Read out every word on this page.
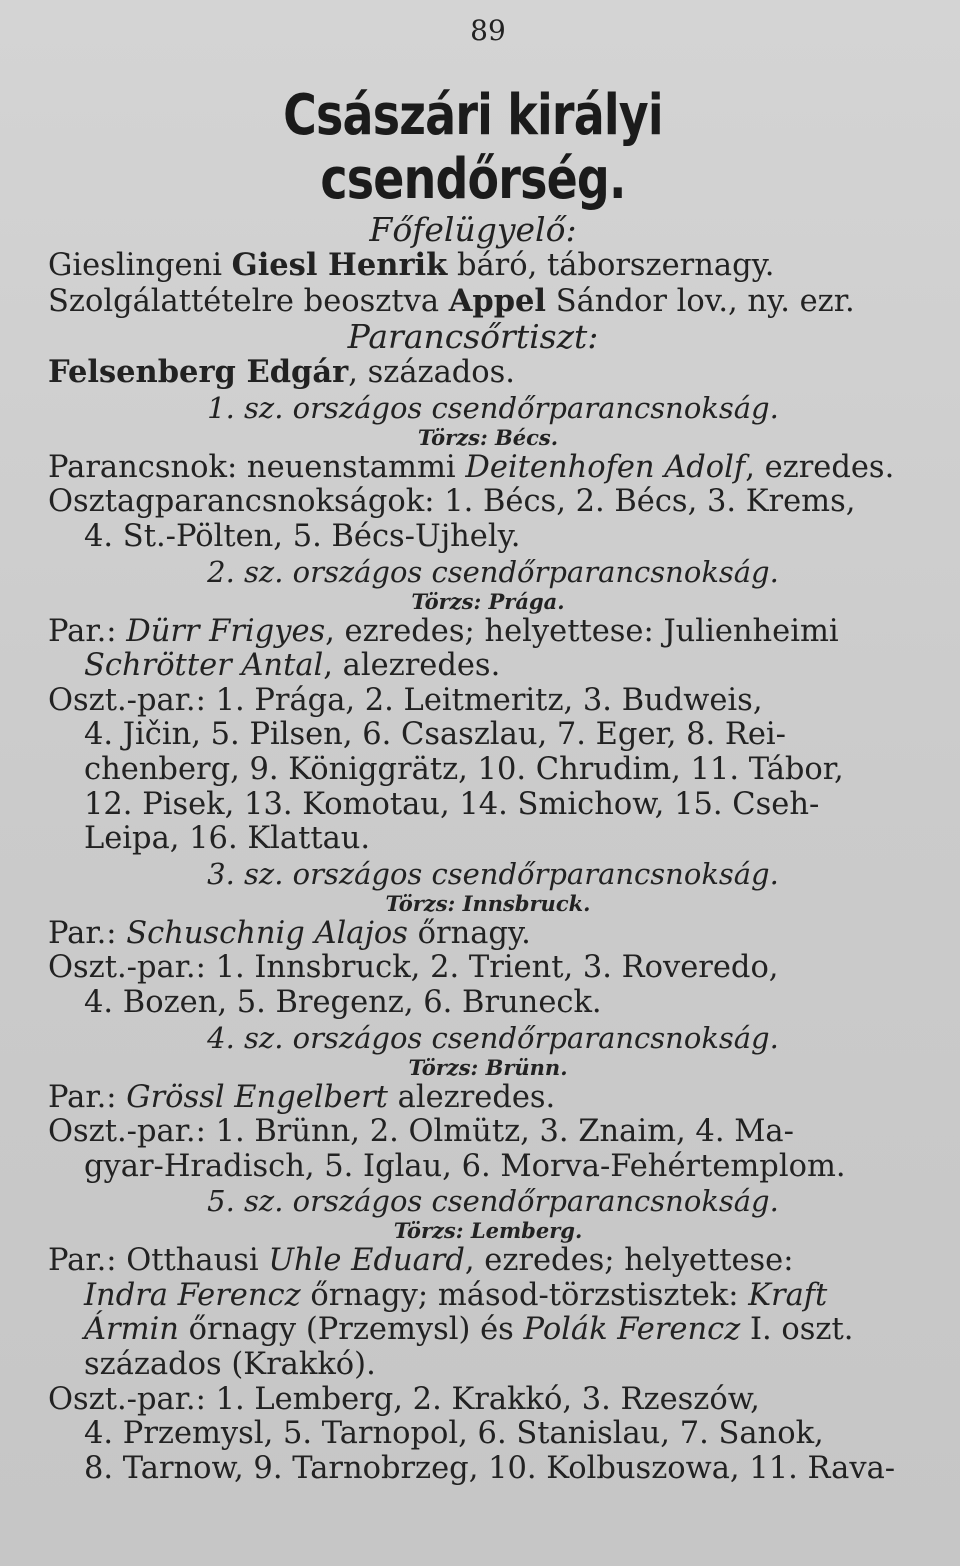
89
Császári királyi csendőrség.
Főfelügyelő:
Gieslingeni Giesl Henrik báró, táborszernagy.
Szolgálattételre beosztva Appel Sándor lov., ny. ezr.
Parancsőrtiszt:
Felsenberg Edgár, százados.
1. sz. országos csendőrparancsnokság.
Törzs: Bécs.
Parancsnok: neuenstammi Deitenhofen Adolf, ezredes.
Osztagparancsnokságok: 1. Bécs, 2. Bécs, 3. Krems,
4. St.-Pölten, 5. Bécs-Ujhely.
2. sz. országos csendőrparancsnokság.
Törzs: Prága.
Par.: Dürr Frigyes, ezredes; helyettese: Julienheimi
Schrötter Antal, alezredes.
Oszt.-par.: 1. Prága, 2. Leitmeritz, 3. Budweis,
4. Jičin, 5. Pilsen, 6. Csaszlau, 7. Eger, 8. Rei-
chenberg, 9. Königgrätz, 10. Chrudim, 11. Tábor,
12. Pisek, 13. Komotau, 14. Smichow, 15. Cseh-
Leipa, 16. Klattau.
3. sz. országos csendőrparancsnokság.
Törzs: Innsbruck.
Par.: Schuschnig Alajos őrnagy.
Oszt.-par.: 1. Innsbruck, 2. Trient, 3. Roveredo,
4. Bozen, 5. Bregenz, 6. Bruneck.
4. sz. országos csendőrparancsnokság.
Törzs: Brünn.
Par.: Grössl Engelbert alezredes.
Oszt.-par.: 1. Brünn, 2. Olmütz, 3. Znaim, 4. Ma-
gyar-Hradisch, 5. Iglau, 6. Morva-Fehértemplom.
5. sz. országos csendőrparancsnokság.
Törzs: Lemberg.
Par.: Otthausi Uhle Eduard, ezredes; helyettese:
Indra Ferencz őrnagy; másod-törzstisztek: Kraft
Ármin őrnagy (Przemysl) és Polák Ferencz I. oszt.
százados (Krakkó).
Oszt.-par.: 1. Lemberg, 2. Krakkó, 3. Rzeszów,
4. Przemysl, 5. Tarnopol, 6. Stanislau, 7. Sanok,
8. Tarnow, 9. Tarnobrzeg, 10. Kolbuszowa, 11. Rava-
